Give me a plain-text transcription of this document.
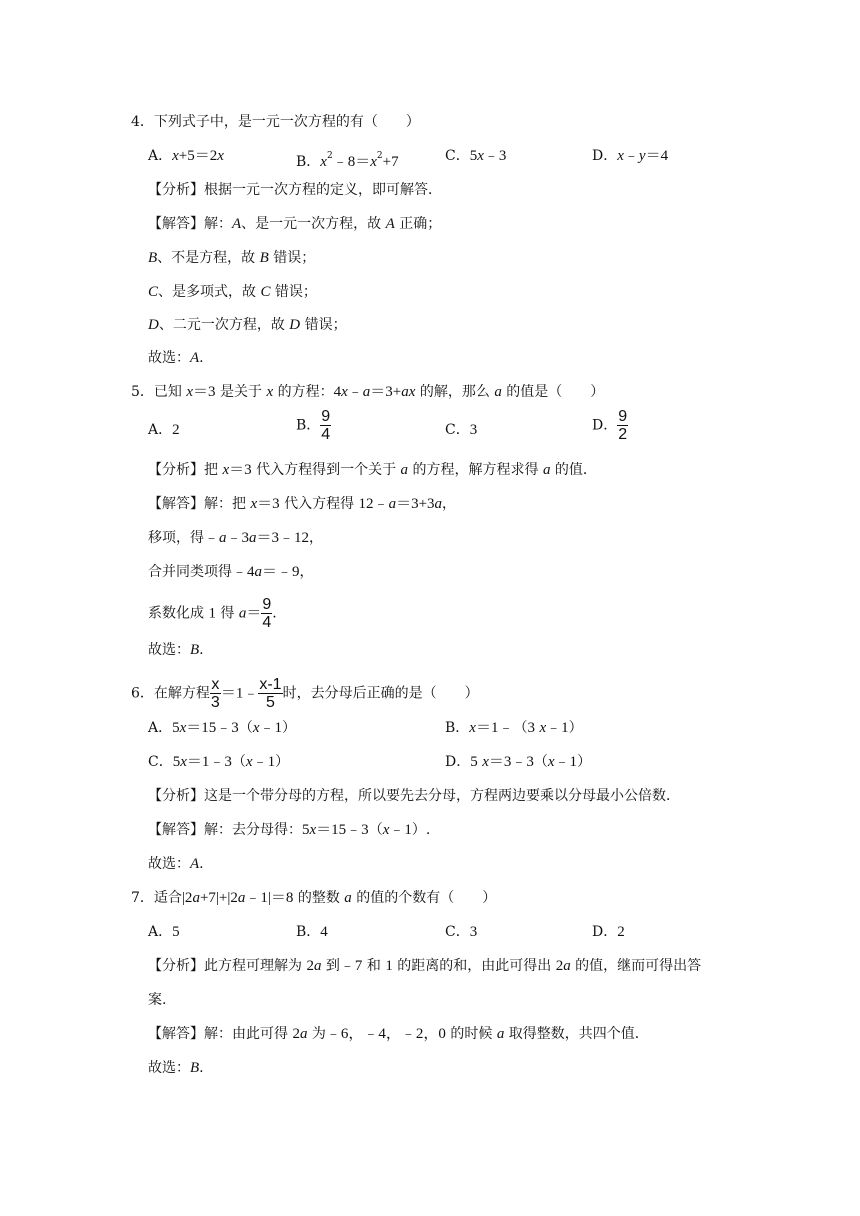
4．下列式子中，是一元一次方程的有（　　）
A．x+5＝2x	B．$x^2﹣8=x^2+7$	C．5x﹣3	D．x﹣y＝4
【分析】根据一元一次方程的定义，即可解答．
【解答】解：A、是一元一次方程，故 A 正确；
B、不是方程，故 B 错误；
C、是多项式，故 C 错误；
D、二元一次方程，故 D 错误；
故选：A.
5．已知 x＝3 是关于 x 的方程：4x﹣a＝3+ax 的解，那么 a 的值是（　　）
A．2	B． $\frac{9}{4}$	C．3	D． $\frac{9}{2}$
【分析】把 x＝3 代入方程得到一个关于 a 的方程，解方程求得 a 的值．
【解答】解：把 x＝3 代入方程得 12﹣a＝3+3a，
移项，得﹣a﹣3a＝3﹣12，
合并同类项得﹣4a＝﹣9，
系数化成 1 得 $a= \frac{9}{4}$ .
故选：B.
6．在解方程 $\frac{x}{3}$ ＝1﹣ $\frac{x-1}{5}$ 时，去分母后正确的是（　　）
A．5x＝15﹣3（x﹣1）	B．x＝1﹣（3 x﹣1）
C．5x＝1﹣3（x﹣1）	D．5 x＝3﹣3（x﹣1）
【分析】这是一个带分母的方程，所以要先去分母，方程两边要乘以分母最小公倍数．
【解答】解：去分母得：5x＝15﹣3（x﹣1）.
故选：A.
7．适合|2a+7|+|2a﹣1|＝8 的整数 a 的值的个数有（　　）
A．5	B．4	C．3	D．2
【分析】此方程可理解为 2a 到﹣7 和 1 的距离的和，由此可得出 2a 的值，继而可得出答
案.
【解答】解：由此可得 2a 为﹣6，﹣4，﹣2，0 的时候 a 取得整数，共四个值．
故选：B.
